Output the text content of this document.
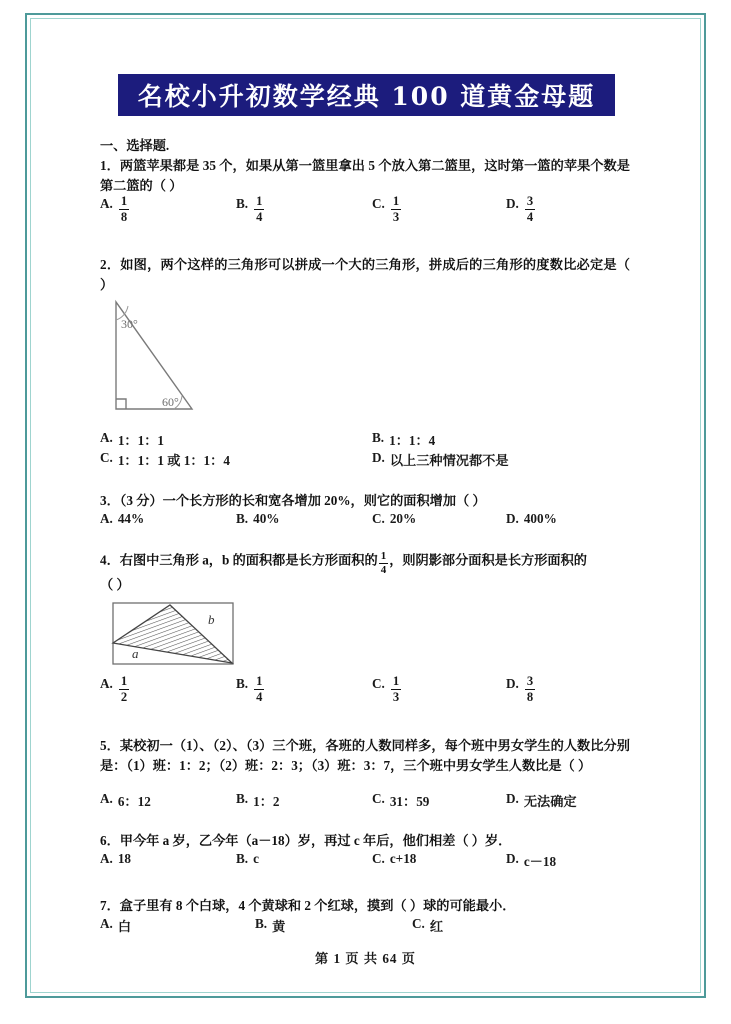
名校小升初数学经典 100 道黄金母题
一、选择题.
1．两篮苹果都是 35 个，如果从第一篮里拿出 5 个放入第二篮里，这时第一篮的苹果个数是第二篮的（ ）
A. $\frac{1}{8}$	B. $\frac{1}{4}$	C. $\frac{1}{3}$	D. $\frac{3}{4}$
2．如图，两个这样的三角形可以拼成一个大的三角形，拼成后的三角形的度数比必定是（ ）
30°
60°
A. 1：1：1	B. 1：1：4
C. 1：1：1 或 1：1：4	D. 以上三种情况都不是
3．（3 分）一个长方形的长和宽各增加 20%，则它的面积增加（ ）
A. 44%	B. 40%	C. 20%	D. 400%
4．右图中三角形 a，b 的面积都是长方形面积的 $\frac{1}{4}$ ，则阴影部分面积是长方形面积的
（ ）
a
b
A. $\frac{1}{2}$	B. $\frac{1}{4}$	C. $\frac{1}{3}$	D. $\frac{3}{8}$
5．某校初一（1）、（2）、（3）三个班，各班的人数同样多，每个班中男女学生的人数比分别是：（1）班：1：2；（2）班：2：3；（3）班：3：7，三个班中男女学生人数比是（ ）
A. 6：12	B. 1：2	C. 31：59	D. 无法确定
6．甲今年 a 岁，乙今年（a－18）岁，再过 c 年后，他们相差（ ）岁．
A. 18	B. c	C. c+18	D. c－18
7．盒子里有 8 个白球，4 个黄球和 2 个红球，摸到（ ）球的可能最小．
A. 白	B. 黄	C. 红
第 1 页 共 64 页
